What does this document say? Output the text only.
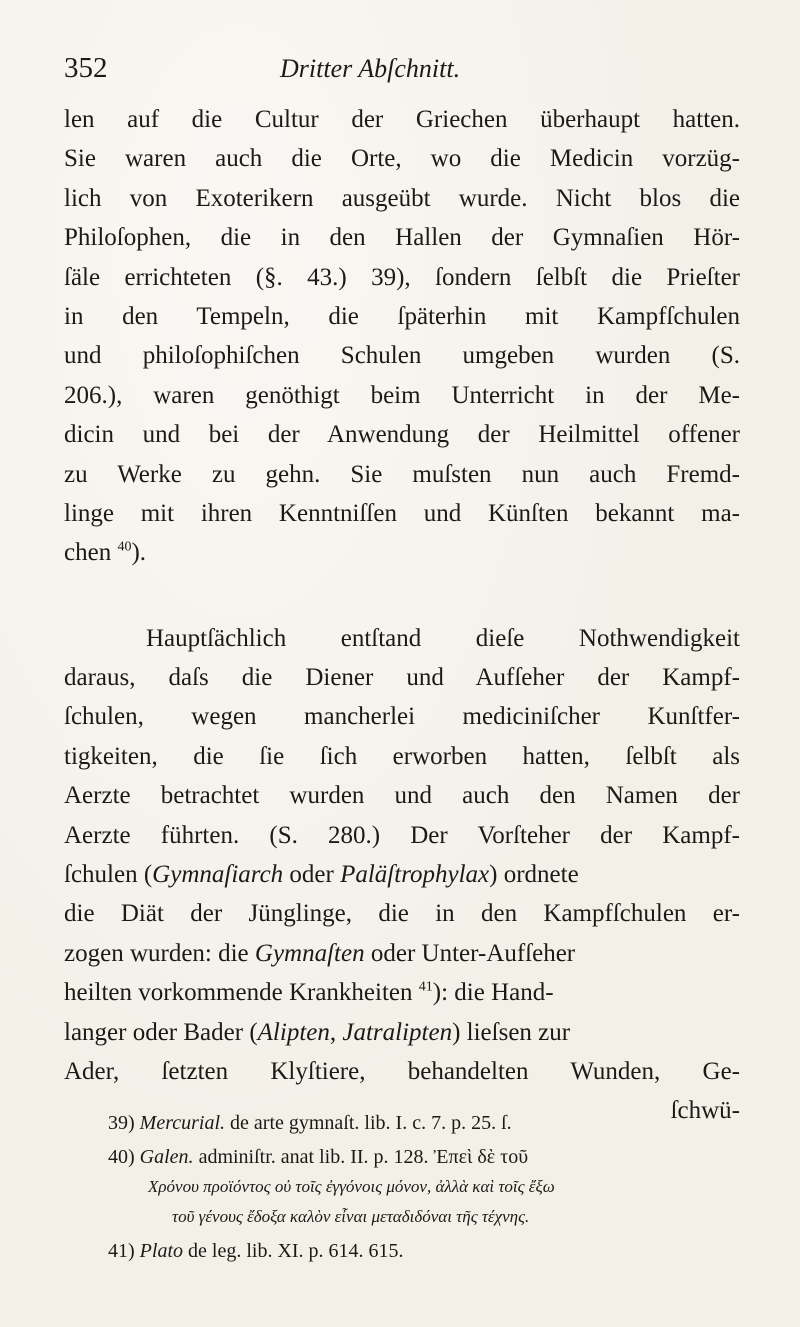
352	Dritter Abſchnitt.
len auf die Cultur der Griechen überhaupt hatten.
Sie waren auch die Orte, wo die Medicin vorzüg-
lich von Exoterikern ausgeübt wurde. Nicht blos die
Philoſophen, die in den Hallen der Gymnaſien Hör-
ſäle errichteten (§. 43.) 39), ſondern ſelbſt die Prieſter
in den Tempeln, die ſpäterhin mit Kampfſchulen
und philoſophiſchen Schulen umgeben wurden (S.
206.), waren genöthigt beim Unterricht in der Me-
dicin und bei der Anwendung der Heilmittel offener
zu Werke zu gehn. Sie muſsten nun auch Fremd-
linge mit ihren Kenntniſſen und Künſten bekannt ma-
chen $^{40}$).
Hauptſächlich entſtand dieſe Nothwendigkeit
daraus, daſs die Diener und Aufſeher der Kampf-
ſchulen, wegen mancherlei mediciniſcher Kunſtfer-
tigkeiten, die ſie ſich erworben hatten, ſelbſt als
Aerzte betrachtet wurden und auch den Namen der
Aerzte führten. (S. 280.) Der Vorſteher der Kampf-
ſchulen (Gymnaſiarch oder Paläſtrophylax) ordnete
die Diät der Jünglinge, die in den Kampfſchulen er-
zogen wurden: die Gymnaſten oder Unter-Aufſeher
heilten vorkommende Krankheiten $^{41}$): die Hand-
langer oder Bader (Alipten, Jatralipten) lieſsen zur
Ader, ſetzten Klyſtiere, behandelten Wunden, Ge-
ſchwü-
39) Mercurial. de arte gymnaſt. lib. I. c. 7. p. 25. ſ.
40) Galen. adminiſtr. anat lib. II. p. 128. Ἐπεὶ δὲ τοῦ
Χρόνου προϊόντος οὐ τοῖς ἐγγόνοις μόνον, ἀλλὰ καὶ τοῖς ἔξω
τοῦ γένους ἔδοξα καλὸν εἶναι μεταδιδόναι τῆς τέχνης.
41) Plato de leg. lib. XI. p. 614. 615.
